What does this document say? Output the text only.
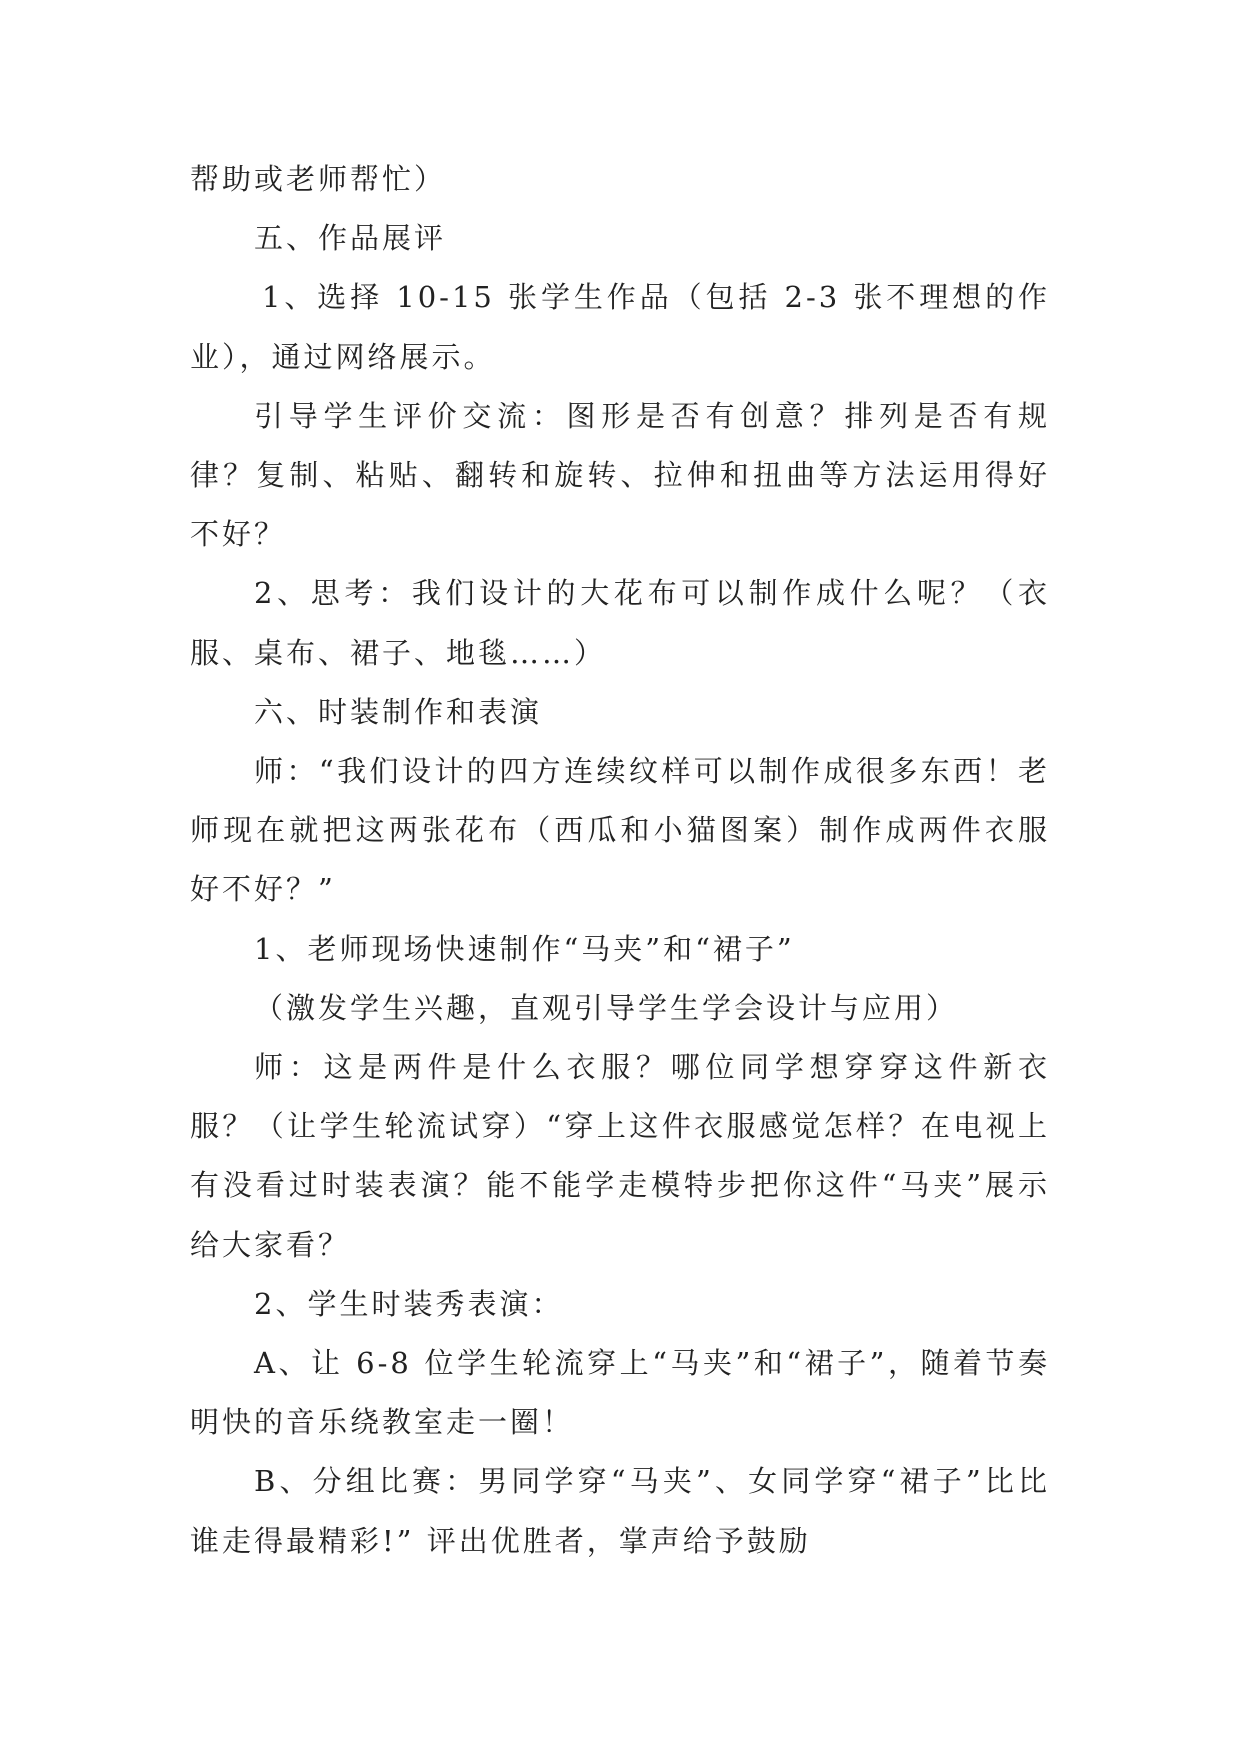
帮助或老师帮忙）

五、作品展评

1、选择 10-15 张学生作品（包括 2-3 张不理想的作业），通过网络展示。

引导学生评价交流：图形是否有创意？排列是否有规律？复制、粘贴、翻转和旋转、拉伸和扭曲等方法运用得好不好？

2、思考：我们设计的大花布可以制作成什么呢？（衣服、桌布、裙子、地毯……）

六、时装制作和表演

师：“我们设计的四方连续纹样可以制作成很多东西！老师现在就把这两张花布（西瓜和小猫图案）制作成两件衣服好不好？”

1、老师现场快速制作“马夹”和“裙子”

（激发学生兴趣，直观引导学生学会设计与应用）

师：这是两件是什么衣服？哪位同学想穿穿这件新衣服？（让学生轮流试穿）“穿上这件衣服感觉怎样？在电视上有没看过时装表演？能不能学走模特步把你这件“马夹”展示给大家看？

2、学生时装秀表演：

A、让 6-8 位学生轮流穿上“马夹”和“裙子”，随着节奏明快的音乐绕教室走一圈！

B、分组比赛：男同学穿“马夹”、女同学穿“裙子”比比谁走得最精彩!” 评出优胜者，掌声给予鼓励
